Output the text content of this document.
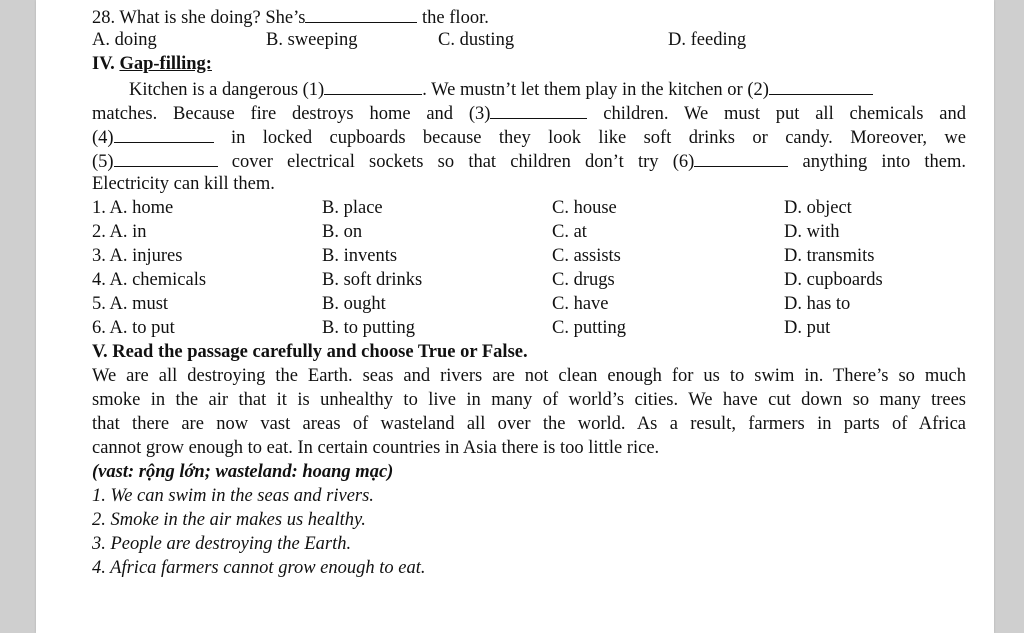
28. What is she doing? She’s	the floor.
A. doing	B. sweeping	C. dusting	D. feeding
IV. Gap-filling:
Kitchen is a dangerous (1)	. We mustn’t let them play in the kitchen or (2)
matches. Because fire destroys home and (3)	children. We must put all chemicals and
(4)	in locked cupboards because they look like soft drinks or candy. Moreover, we
(5)	cover electrical sockets so that children don’t try (6)	anything into them.
Electricity can kill them.
1. A. home	B. place	C. house	D. object
2. A. in	B. on	C. at	D. with
3. A. injures	B. invents	C. assists	D. transmits
4. A. chemicals	B. soft drinks	C. drugs	D. cupboards
5. A. must	B. ought	C. have	D. has to
6. A. to put	B. to putting	C. putting	D. put
V. Read the passage carefully and choose True or False.
We are all destroying the Earth. seas and rivers are not clean enough for us to swim in. There’s so much
smoke in the air that it is unhealthy to live in many of world’s cities. We have cut down so many trees
that there are now vast areas of wasteland all over the world. As a result, farmers in parts of Africa
cannot grow enough to eat. In certain countries in Asia there is too little rice.
(vast: rộng lớn; wasteland: hoang mạc)
1. We can swim in the seas and rivers.
2. Smoke in the air makes us healthy.
3. People are destroying the Earth.
4. Africa farmers cannot grow enough to eat.
